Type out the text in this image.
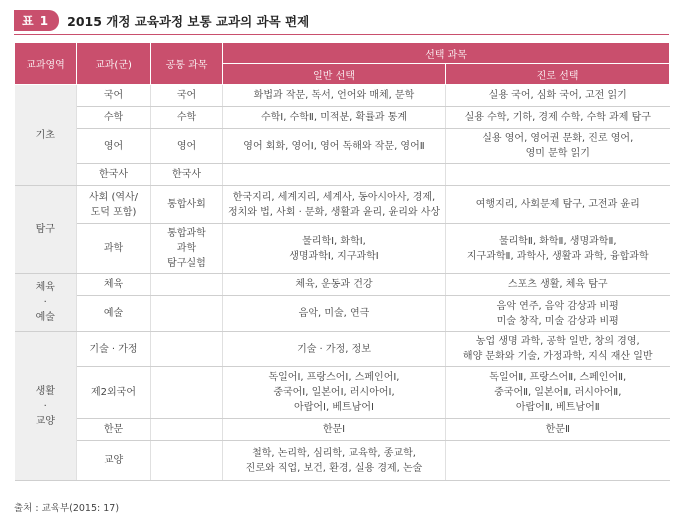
표 1	2015 개정 교육과정 보통 교과의 과목 편제
교과영역	교과(군)	공통 과목	선택 과목	
			일반 선택	진로 선택

기초	국어	국어	화법과 작문, 독서, 언어와 매체, 문학	실용 국어, 심화 국어, 고전 읽기

	수학	수학	수학Ⅰ, 수학Ⅱ, 미적분, 확률과 통계	실용 수학, 기하, 경제 수학, 수학 과제 탐구

	영어	영어	영어 회화, 영어Ⅰ, 영어 독해와 작문, 영어Ⅱ	실용 영어, 영어권 문화, 진로 영어,
영미 문학 읽기

	한국사	한국사		

탐구	사회 (역사/
도덕 포함)	통합사회	한국지리, 세계지리, 세계사, 동아시아사, 경제,
정치와 법, 사회 · 문화, 생활과 윤리, 윤리와 사상	여행지리, 사회문제 탐구, 고전과 윤리

	과학	통합과학
과학
탐구실험	물리학Ⅰ, 화학Ⅰ,
생명과학Ⅰ, 지구과학Ⅰ	물리학Ⅱ, 화학Ⅱ, 생명과학Ⅱ,
지구과학Ⅱ, 과학사, 생활과 과학, 융합과학

체육
·
예술	체육		체육, 운동과 건강	스포츠 생활, 체육 탐구

	예술		음악, 미술, 연극	음악 연주, 음악 감상과 비평
미술 창작, 미술 감상과 비평

생활
·
교양	기술 · 가정		기술 · 가정, 정보	농업 생명 과학, 공학 일반, 창의 경영,
해양 문화와 기술, 가정과학, 지식 재산 일반

	제2외국어		독일어Ⅰ, 프랑스어Ⅰ, 스페인어Ⅰ,
중국어Ⅰ, 일본어Ⅰ, 러시아어Ⅰ,
아랍어Ⅰ, 베트남어Ⅰ	독일어Ⅱ, 프랑스어Ⅱ, 스페인어Ⅱ,
중국어Ⅱ, 일본어Ⅱ, 러시아어Ⅱ,
아랍어Ⅱ, 베트남어Ⅱ

	한문		한문Ⅰ	한문Ⅱ

	교양		철학, 논리학, 심리학, 교육학, 종교학,
진로와 직업, 보건, 환경, 실용 경제, 논술	

출처 : 교육부(2015: 17)
